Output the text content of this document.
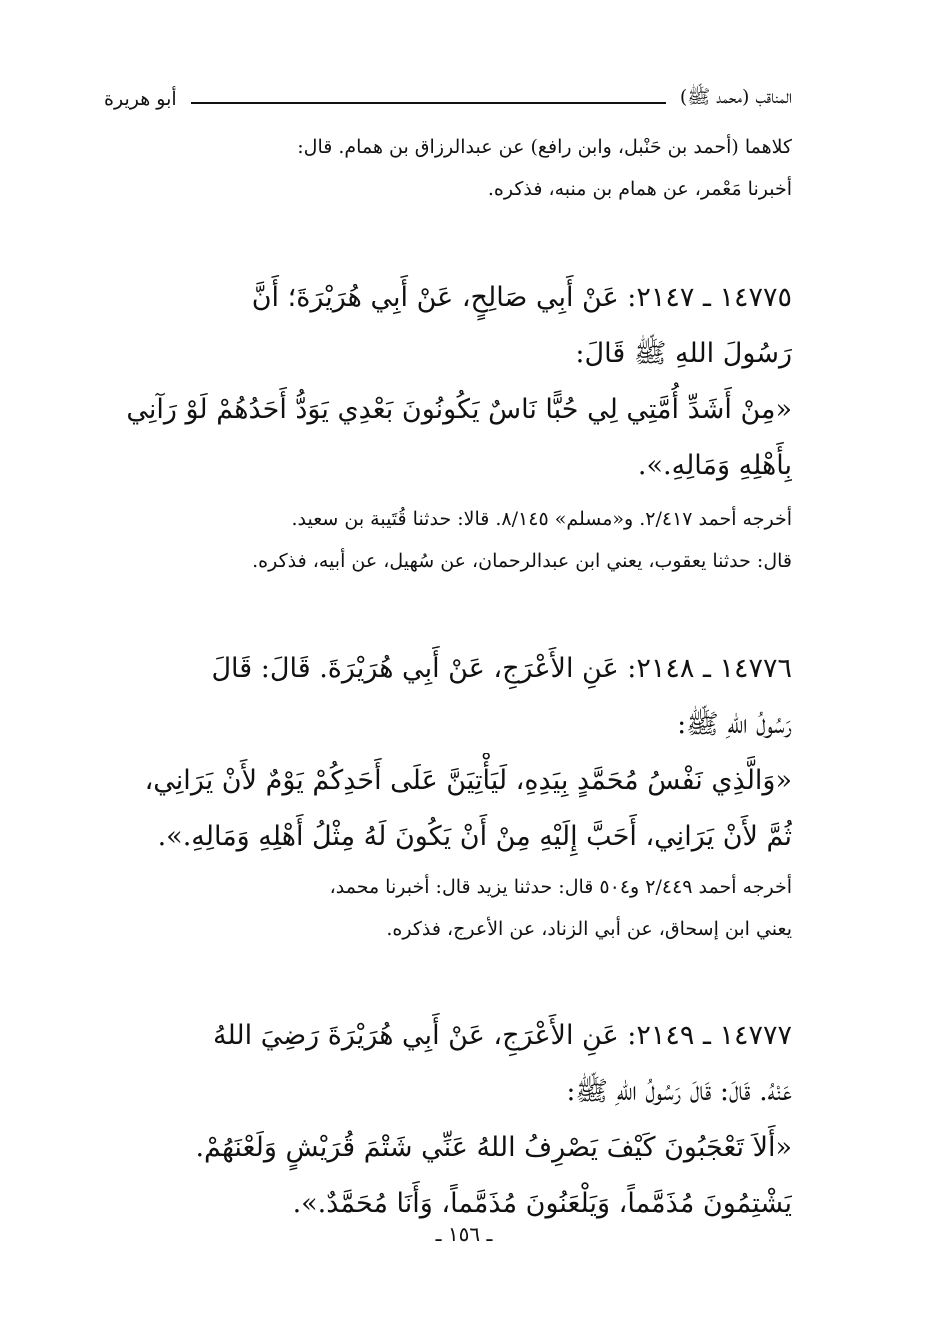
المناقب (محمد ﷺ)
أبو هريرة
كلاهما (أحمد بن حَنْبل، وابن رافع) عن عبدالرزاق بن همام. قال:
أخبرنا مَعْمر، عن همام بن منبه، فذكره.
١٤٧٧٥ ـ ٢١٤٧: عَنْ أَبِي صَالِحٍ، عَنْ أَبِي هُرَيْرَةَ؛ أَنَّ
رَسُولَ اللهِ ﷺ قَالَ:
«مِنْ أَشَدِّ أُمَّتِي لِي حُبًّا نَاسٌ يَكُونُونَ بَعْدِي يَوَدُّ أَحَدُهُمْ لَوْ رَآنِي
بِأَهْلِهِ وَمَالِهِ.».
أخرجه أحمد ٢/٤١٧. و«مسلم» ٨/١٤٥. قالا: حدثنا قُتَيبة بن سعيد.
قال: حدثنا يعقوب، يعني ابن عبدالرحمان، عن سُهيل، عن أبيه، فذكره.
١٤٧٧٦ ـ ٢١٤٨: عَنِ الأَعْرَجِ، عَنْ أَبِي هُرَيْرَةَ. قَالَ: قَالَ
رَسُولُ اللهِ ﷺ:
«وَالَّذِي نَفْسُ مُحَمَّدٍ بِيَدِهِ، لَيَأْتِيَنَّ عَلَى أَحَدِكُمْ يَوْمٌ لأَنْ يَرَانِي،
ثُمَّ لأَنْ يَرَانِي، أَحَبَّ إِلَيْهِ مِنْ أَنْ يَكُونَ لَهُ مِثْلُ أَهْلِهِ وَمَالِهِ.».
أخرجه أحمد ٢/٤٤٩ و٥٠٤ قال: حدثنا يزيد قال: أخبرنا محمد،
يعني ابن إسحاق، عن أبي الزناد، عن الأعرج، فذكره.
١٤٧٧٧ ـ ٢١٤٩: عَنِ الأَعْرَجِ، عَنْ أَبِي هُرَيْرَةَ رَضِيَ اللهُ
عَنْهُ. قَالَ: قَالَ رَسُولُ اللهِ ﷺ:
«أَلاَ تَعْجَبُونَ كَيْفَ يَصْرِفُ اللهُ عَنِّي شَتْمَ قُرَيْشٍ وَلَعْنَهُمْ.
يَشْتِمُونَ مُذَمَّماً، وَيَلْعَنُونَ مُذَمَّماً، وَأَنَا مُحَمَّدٌ.».
ـ ١٥٦ ـ
